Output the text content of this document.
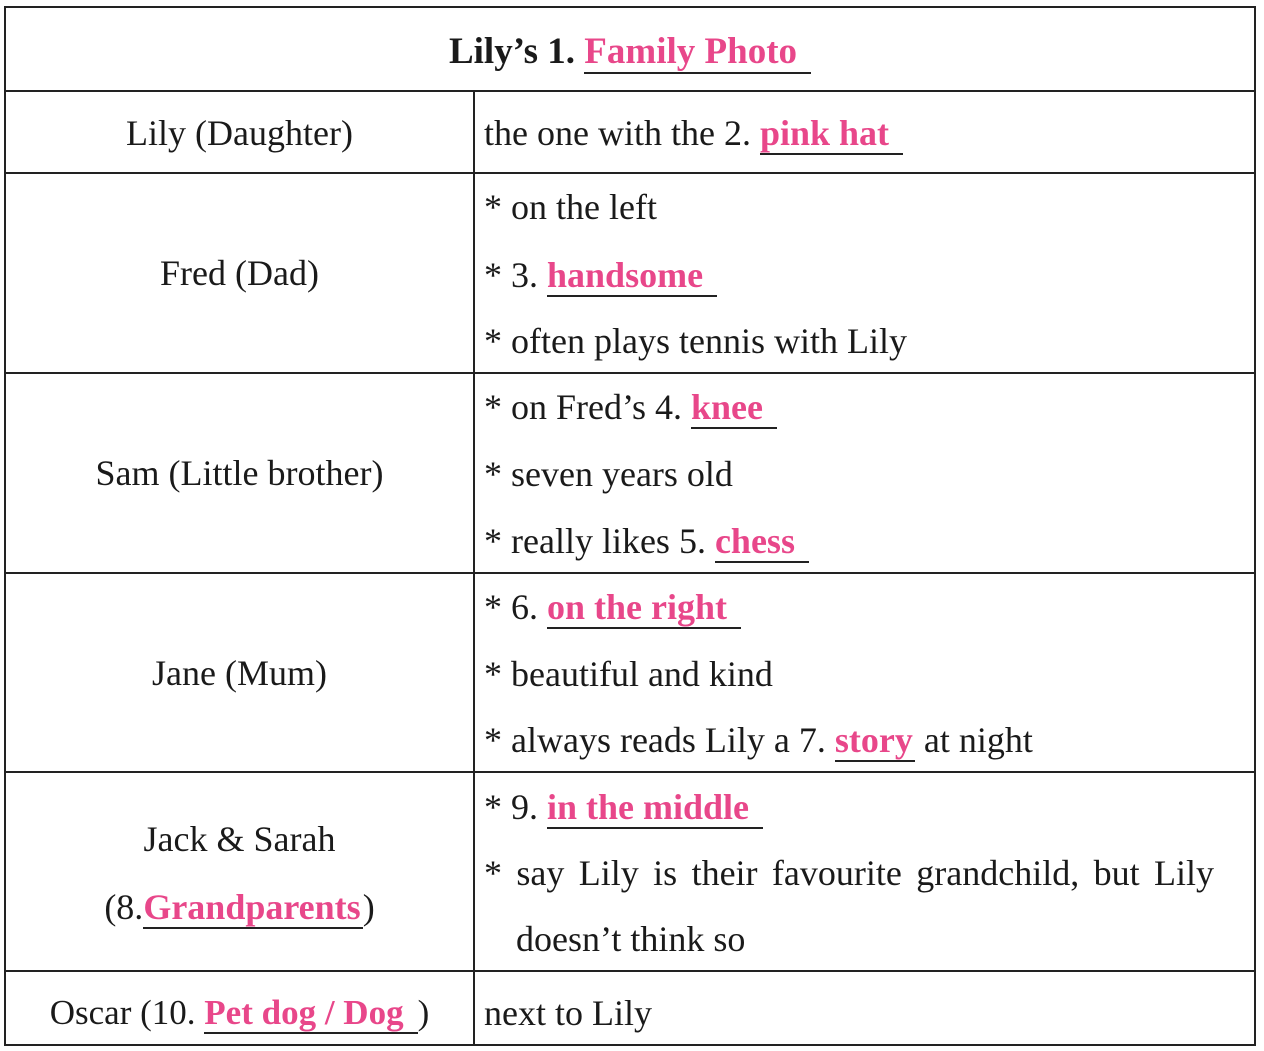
Lily’s 1. Family Photo
Lily (Daughter)	the one with the 2. pink hat
Fred (Dad)
* on the left
* 3. handsome
* often plays tennis with Lily
Sam (Little brother)
* on Fred’s 4. knee
* seven years old
* really likes 5. chess
Jane (Mum)
* 6. on the right
* beautiful and kind
* always reads Lily a 7. story at night
Jack & Sarah
(8.Grandparents)
* 9. in the middle
* say Lily is their favourite grandchild, but Lily
doesn’t think so
Oscar (10. Pet dog / Dog )	next to Lily
